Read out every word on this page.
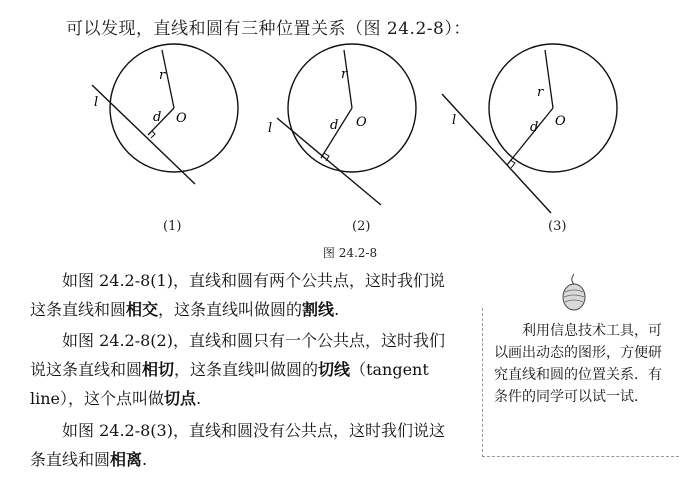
可以发现，直线和圆有三种位置关系（图 24.2-8）：
l
r
d O
l
r
d O	l
r
d O
(1)	(2)	(3)
图 24.2-8

如图 24.2-8(1)，直线和圆有两个公共点，这时我们说这条直线和圆相交，这条直线叫做圆的割线.

如图 24.2-8(2)，直线和圆只有一个公共点，这时我们说这条直线和圆相切，这条直线叫做圆的切线（tangent line），这个点叫做切点.

如图 24.2-8(3)，直线和圆没有公共点，这时我们说这条直线和圆相离.

利用信息技术工具，可以画出动态的图形，方便研究直线和圆的位置关系．有条件的同学可以试一试．
